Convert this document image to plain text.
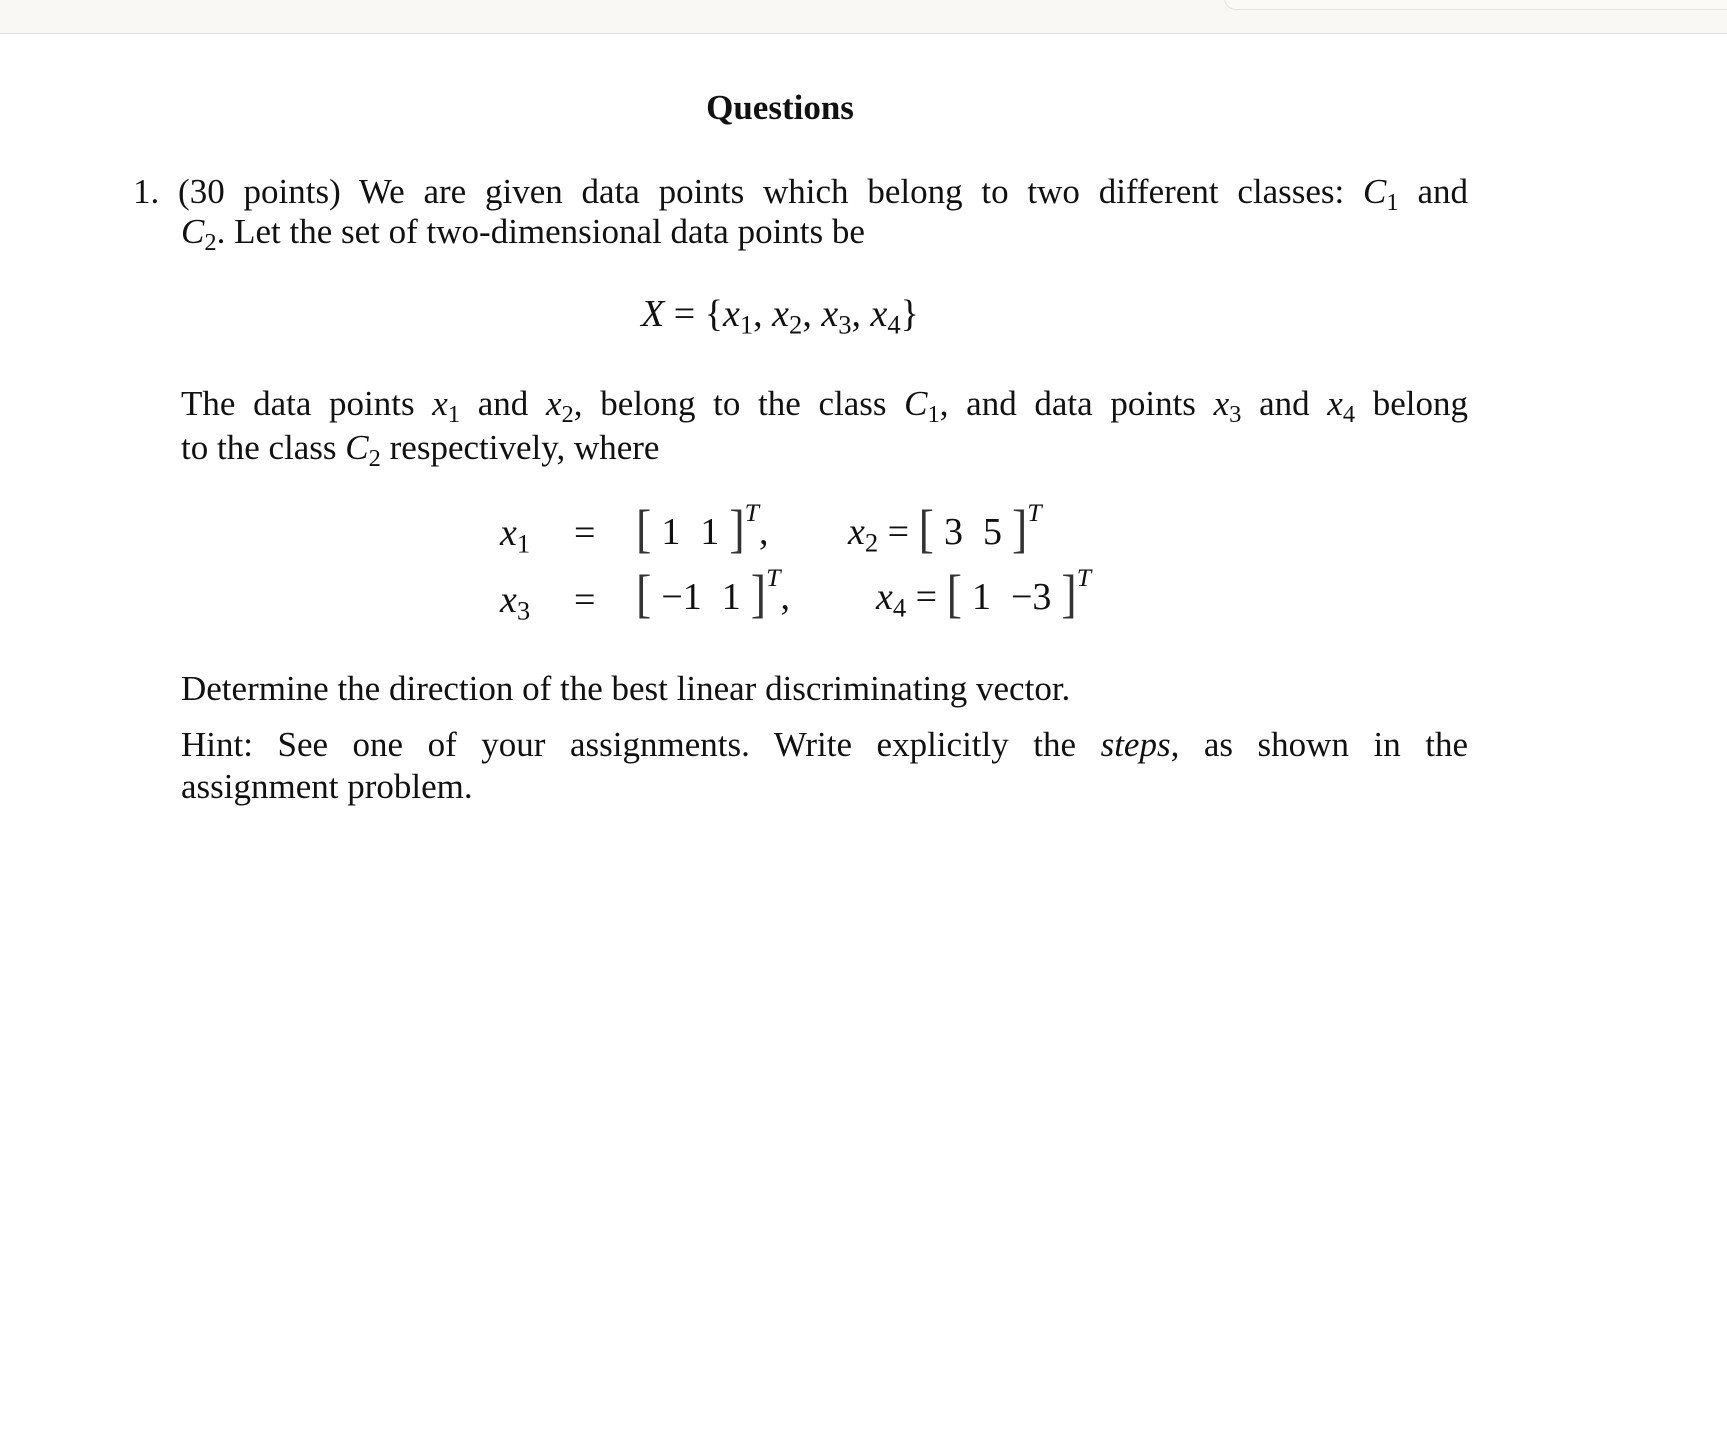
Questions
1. (30 points) We are given data points which belong to two different classes: $C_1$ and
$C_2$. Let the set of two-dimensional data points be
$X = \{x_1$, $x_2$, $x_3$, $x_4$}
The data points $x_1$ and $x_2$, belong to the class $C_1$, and data points $x_3$ and $x_4$ belong
to the class $C_2$ respectively, where
$x_1$ = [ 1 1 ]$^T$, $x_2$ = [ 3 5 ]$^T$
$x_3$ = [ −1 1 ]$^T$, $x_4$ = [ 1 −3 ]$^T$
Determine the direction of the best linear discriminating vector.
Hint: See one of your assignments. Write explicitly the steps, as shown in the
assignment problem.
